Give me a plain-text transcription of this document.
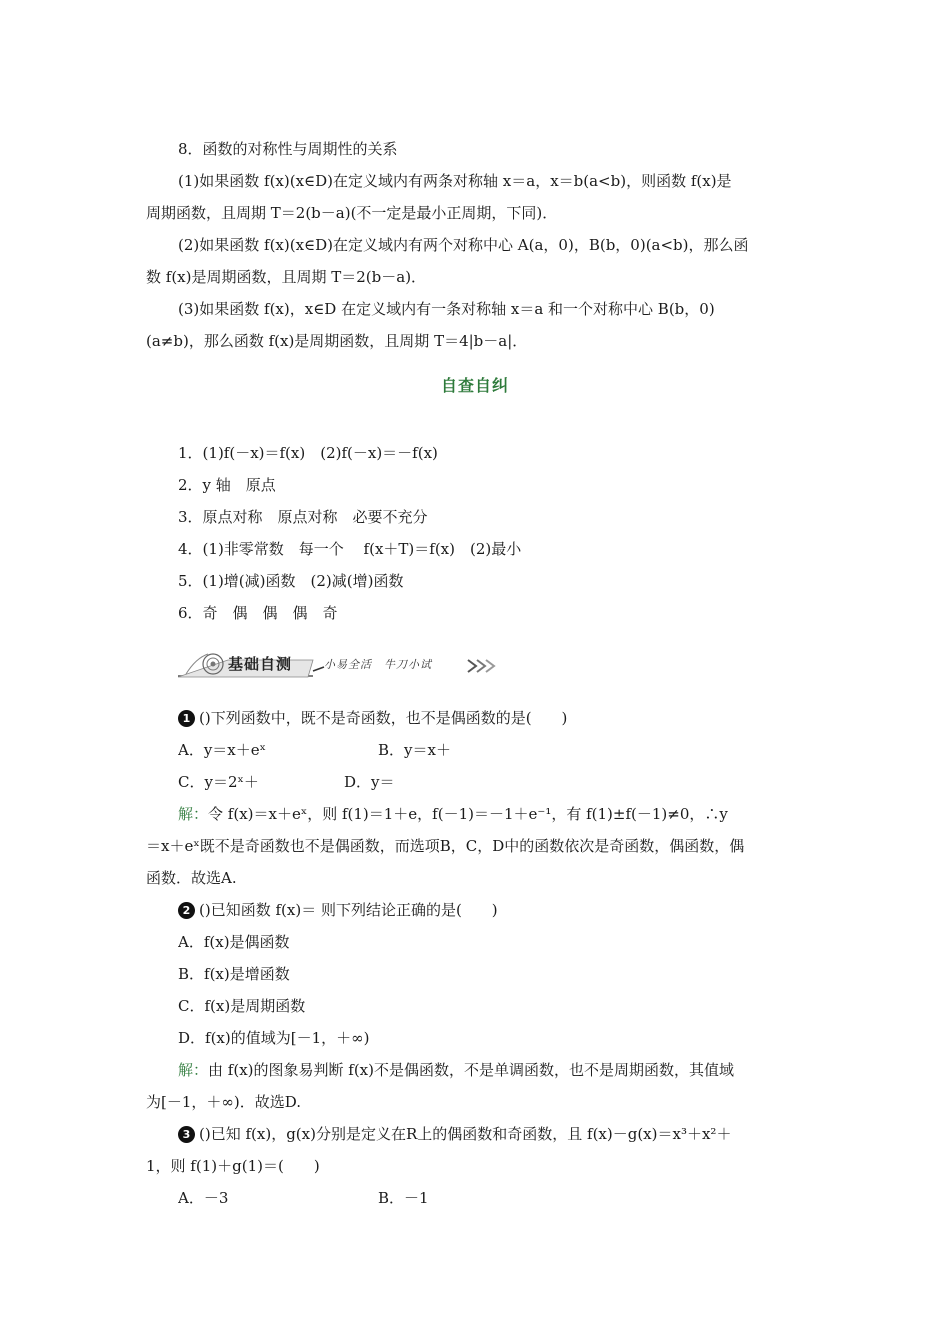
8．函数的对称性与周期性的关系
(1)如果函数 f(x)(x∈D)在定义域内有两条对称轴 x＝a，x＝b(a<b)，则函数 f(x)是
周期函数，且周期 T＝2(b－a)(不一定是最小正周期，下同)．
(2)如果函数 f(x)(x∈D)在定义域内有两个对称中心 A(a，0)，B(b，0)(a<b)，那么函
数 f(x)是周期函数，且周期 T＝2(b－a)．
(3)如果函数 f(x)，x∈D 在定义域内有一条对称轴 x＝a 和一个对称中心 B(b，0)
(a≠b)，那么函数 f(x)是周期函数，且周期 T＝4|b－a|．
自查自纠
1．(1)f(－x)＝f(x)　(2)f(－x)＝－f(x)
2．y 轴　原点
3．原点对称　原点对称　必要不充分
4．(1)非零常数　每一个　 f(x＋T)＝f(x)　(2)最小
5．(1)增(减)函数　(2)减(增)函数
6．奇　偶　偶　偶　奇
基础自测	小易全活　牛刀小试
1 ()下列函数中，既不是奇函数，也不是偶函数的是(　　)
A．y＝x＋eˣ	B．y＝x＋
C．y＝2ˣ＋	D．y＝
解：令 f(x)＝x＋eˣ，则 f(1)＝1＋e，f(－1)＝－1＋e⁻¹，有 f(1)±f(－1)≠0，∴y
＝x＋eˣ既不是奇函数也不是偶函数，而选项B，C，D中的函数依次是奇函数，偶函数，偶
函数．故选A.
2 ()已知函数 f(x)＝ 则下列结论正确的是(　　)
A．f(x)是偶函数
B．f(x)是增函数
C．f(x)是周期函数
D．f(x)的值域为[－1，＋∞)
解：由 f(x)的图象易判断 f(x)不是偶函数，不是单调函数，也不是周期函数，其值域
为[－1，＋∞)．故选D.
3 ()已知 f(x)，g(x)分别是定义在R上的偶函数和奇函数，且 f(x)－g(x)＝x³＋x²＋
1，则 f(1)＋g(1)＝(　　)
A．－3	B．－1
